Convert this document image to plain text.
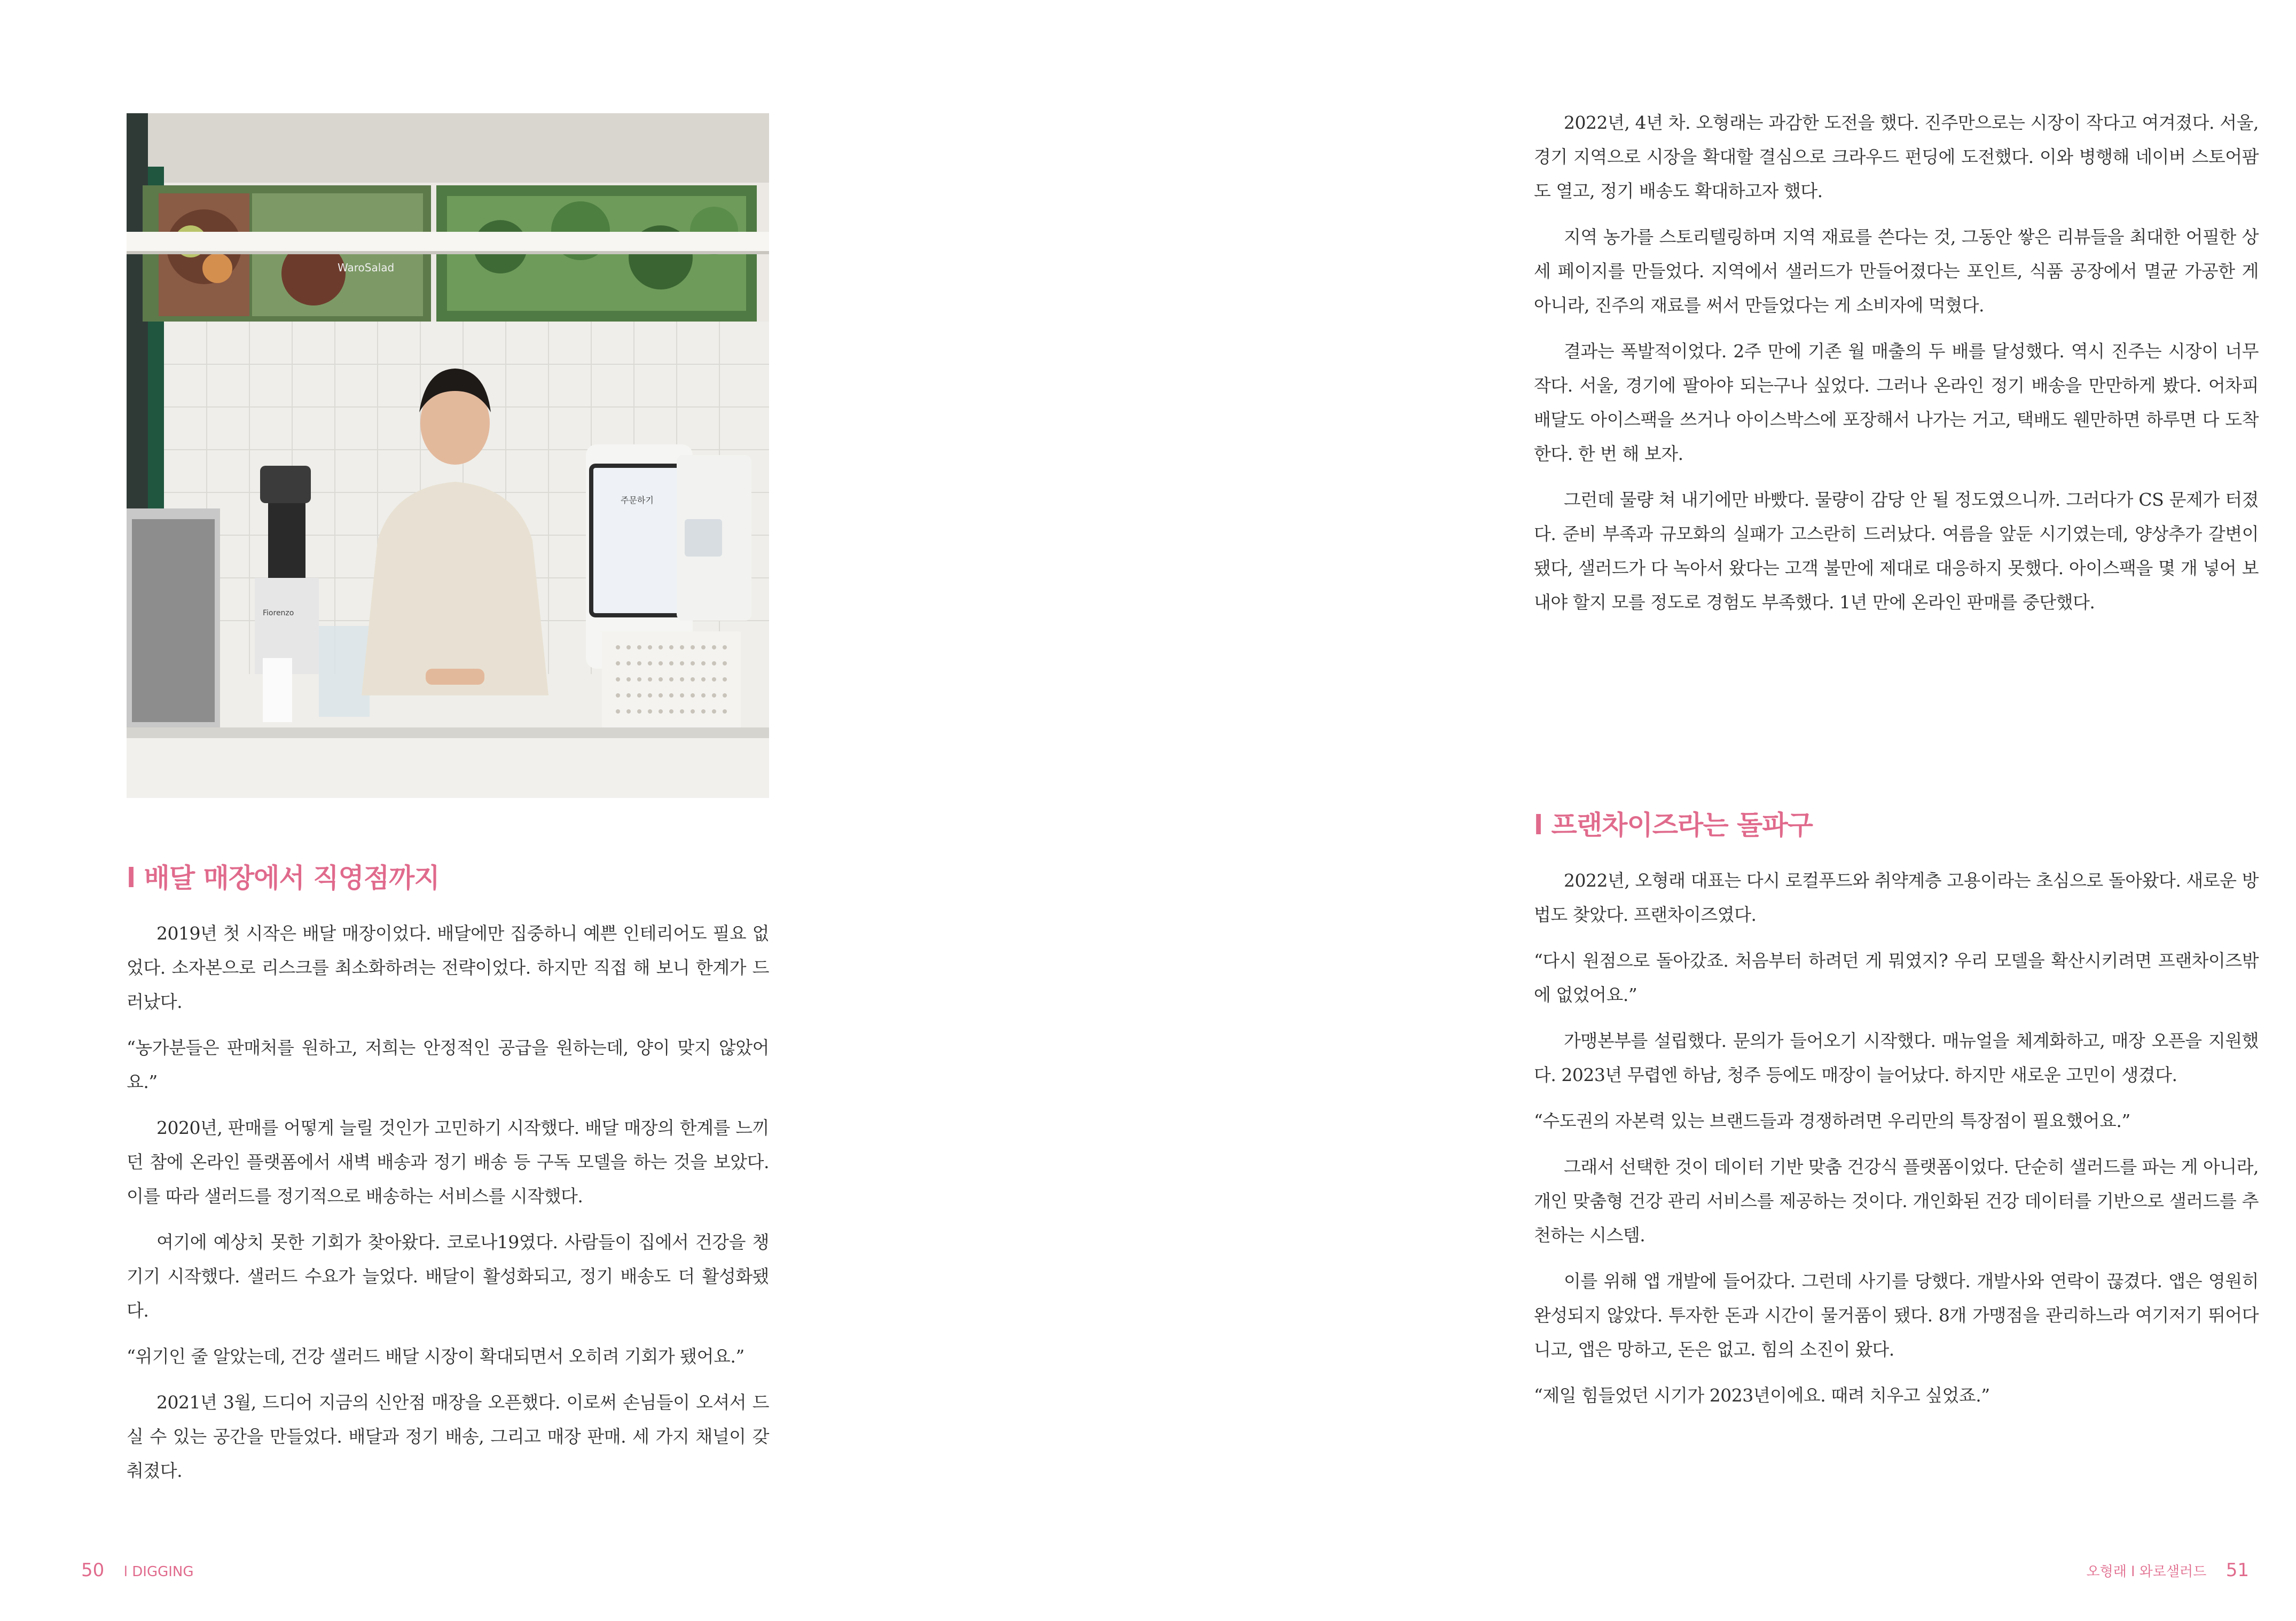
WaroSalad
Fiorenzo
주문하기
l 배달 매장에서 직영점까지

2019년 첫 시작은 배달 매장이었다. 배달에만 집중하니 예쁜 인테리어도 필요 없었다. 소자본으로 리스크를 최소화하려는 전략이었다. 하지만 직접 해 보니 한계가 드러났다.

“농가분들은 판매처를 원하고, 저희는 안정적인 공급을 원하는데, 양이 맞지 않았어요.”

2020년, 판매를 어떻게 늘릴 것인가 고민하기 시작했다. 배달 매장의 한계를 느끼던 참에 온라인 플랫폼에서 새벽 배송과 정기 배송 등 구독 모델을 하는 것을 보았다. 이를 따라 샐러드를 정기적으로 배송하는 서비스를 시작했다.

여기에 예상치 못한 기회가 찾아왔다. 코로나19였다. 사람들이 집에서 건강을 챙기기 시작했다. 샐러드 수요가 늘었다. 배달이 활성화되고, 정기 배송도 더 활성화됐다.

“위기인 줄 알았는데, 건강 샐러드 배달 시장이 확대되면서 오히려 기회가 됐어요.”

2021년 3월, 드디어 지금의 신안점 매장을 오픈했다. 이로써 손님들이 오셔서 드실 수 있는 공간을 만들었다. 배달과 정기 배송, 그리고 매장 판매. 세 가지 채널이 갖춰졌다.

50 l DIGGING

2022년, 4년 차. 오형래는 과감한 도전을 했다. 진주만으로는 시장이 작다고 여겨졌다. 서울, 경기 지역으로 시장을 확대할 결심으로 크라우드 펀딩에 도전했다. 이와 병행해 네이버 스토어팜도 열고, 정기 배송도 확대하고자 했다.

지역 농가를 스토리텔링하며 지역 재료를 쓴다는 것, 그동안 쌓은 리뷰들을 최대한 어필한 상세 페이지를 만들었다. 지역에서 샐러드가 만들어졌다는 포인트, 식품 공장에서 멸균 가공한 게 아니라, 진주의 재료를 써서 만들었다는 게 소비자에 먹혔다.

결과는 폭발적이었다. 2주 만에 기존 월 매출의 두 배를 달성했다. 역시 진주는 시장이 너무 작다. 서울, 경기에 팔아야 되는구나 싶었다. 그러나 온라인 정기 배송을 만만하게 봤다. 어차피 배달도 아이스팩을 쓰거나 아이스박스에 포장해서 나가는 거고, 택배도 웬만하면 하루면 다 도착한다. 한 번 해 보자.

그런데 물량 쳐 내기에만 바빴다. 물량이 감당 안 될 정도였으니까. 그러다가 CS 문제가 터졌다. 준비 부족과 규모화의 실패가 고스란히 드러났다. 여름을 앞둔 시기였는데, 양상추가 갈변이 됐다, 샐러드가 다 녹아서 왔다는 고객 불만에 제대로 대응하지 못했다. 아이스팩을 몇 개 넣어 보내야 할지 모를 정도로 경험도 부족했다. 1년 만에 온라인 판매를 중단했다.

l 프랜차이즈라는 돌파구

2022년, 오형래 대표는 다시 로컬푸드와 취약계층 고용이라는 초심으로 돌아왔다. 새로운 방법도 찾았다. 프랜차이즈였다.

“다시 원점으로 돌아갔죠. 처음부터 하려던 게 뭐였지? 우리 모델을 확산시키려면 프랜차이즈밖에 없었어요.”

가맹본부를 설립했다. 문의가 들어오기 시작했다. 매뉴얼을 체계화하고, 매장 오픈을 지원했다. 2023년 무렵엔 하남, 청주 등에도 매장이 늘어났다. 하지만 새로운 고민이 생겼다.

“수도권의 자본력 있는 브랜드들과 경쟁하려면 우리만의 특장점이 필요했어요.”

그래서 선택한 것이 데이터 기반 맞춤 건강식 플랫폼이었다. 단순히 샐러드를 파는 게 아니라, 개인 맞춤형 건강 관리 서비스를 제공하는 것이다. 개인화된 건강 데이터를 기반으로 샐러드를 추천하는 시스템.

이를 위해 앱 개발에 들어갔다. 그런데 사기를 당했다. 개발사와 연락이 끊겼다. 앱은 영원히 완성되지 않았다. 투자한 돈과 시간이 물거품이 됐다. 8개 가맹점을 관리하느라 여기저기 뛰어다니고, 앱은 망하고, 돈은 없고. 힘의 소진이 왔다.

“제일 힘들었던 시기가 2023년이에요. 때려 치우고 싶었죠.”

오형래 l 와로샐러드 51
